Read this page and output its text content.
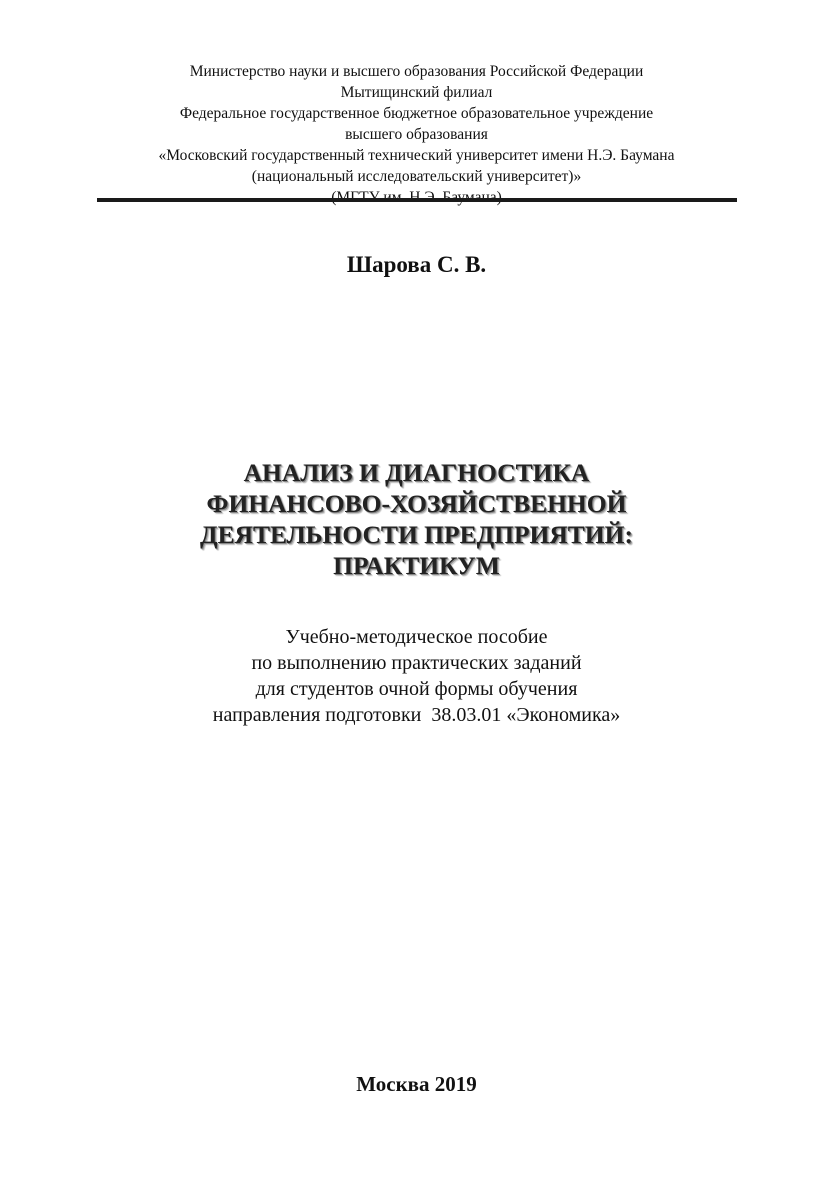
Министерство науки и высшего образования Российской Федерации
Мытищинский филиал
Федеральное государственное бюджетное образовательное учреждение
высшего образования
«Московский государственный технический университет имени Н.Э. Баумана
(национальный исследовательский университет)»
Шарова С. В.
АНАЛИЗ И ДИАГНОСТИКА
ФИНАНСОВО-ХОЗЯЙСТВЕННОЙ
ДЕЯТЕЛЬНОСТИ ПРЕДПРИЯТИЙ:
ПРАКТИКУМ
Учебно-методическое пособие
по выполнению практических заданий
для студентов очной формы обучения
направления подготовки  38.03.01 «Экономика»
Москва 2019
